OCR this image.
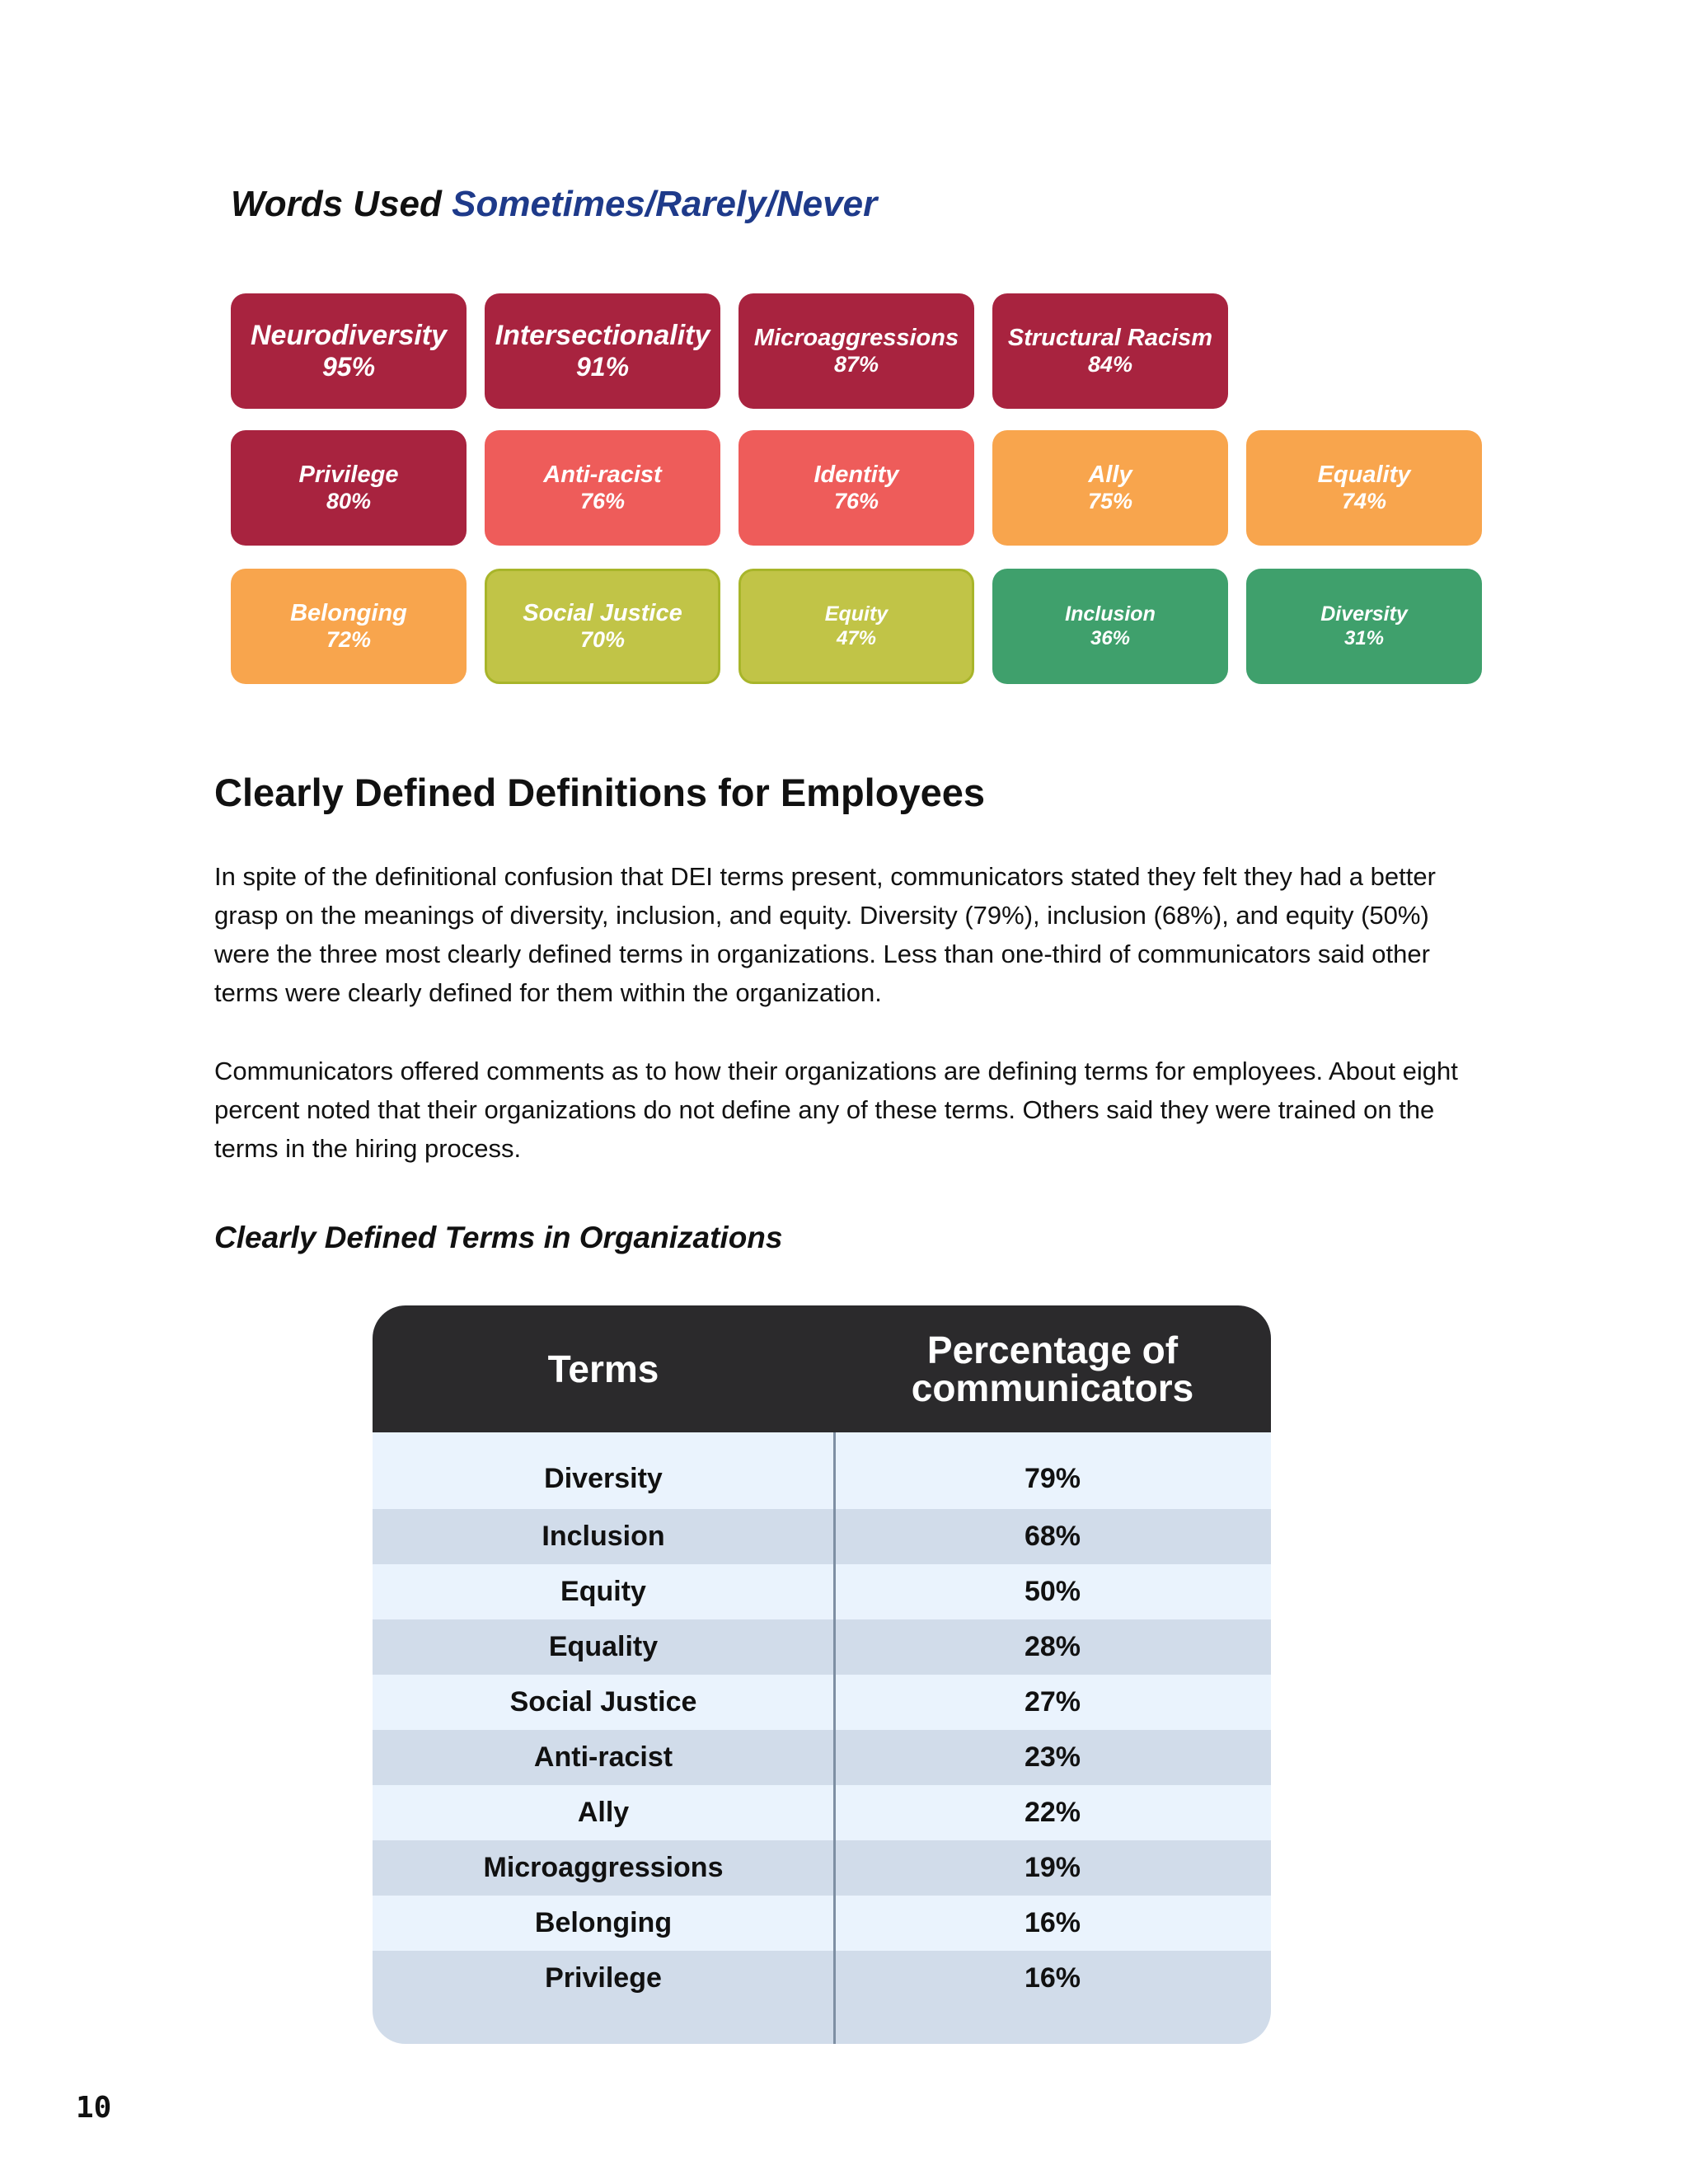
Words Used Sometimes/Rarely/Never
Neurodiversity
95%
Intersectionality
91%
Microaggressions
87%
Structural Racism
84%
Privilege
80%
Anti-racist
76%
Identity
76%
Ally
75%
Equality
74%
Belonging
72%
Social Justice
70%
Equity
47%
Inclusion
36%
Diversity
31%
Clearly Defined Definitions for Employees

In spite of the definitional confusion that DEI terms present, communicators stated they felt they had a better grasp on the meanings of diversity, inclusion, and equity. Diversity (79%), inclusion (68%), and equity (50%) were the three most clearly defined terms in organizations. Less than one-third of communicators said other terms were clearly defined for them within the organization.

Communicators offered comments as to how their organizations are defining terms for employees. About eight percent noted that their organizations do not define any of these terms. Others said they were trained on the terms in the hiring process.

Clearly Defined Terms in Organizations
Terms	Percentage of
communicators
Diversity	79%
Inclusion	68%
Equity	50%
Equality	28%
Social Justice	27%
Anti-racist	23%
Ally	22%
Microaggressions	19%
Belonging	16%
Privilege	16%

10
